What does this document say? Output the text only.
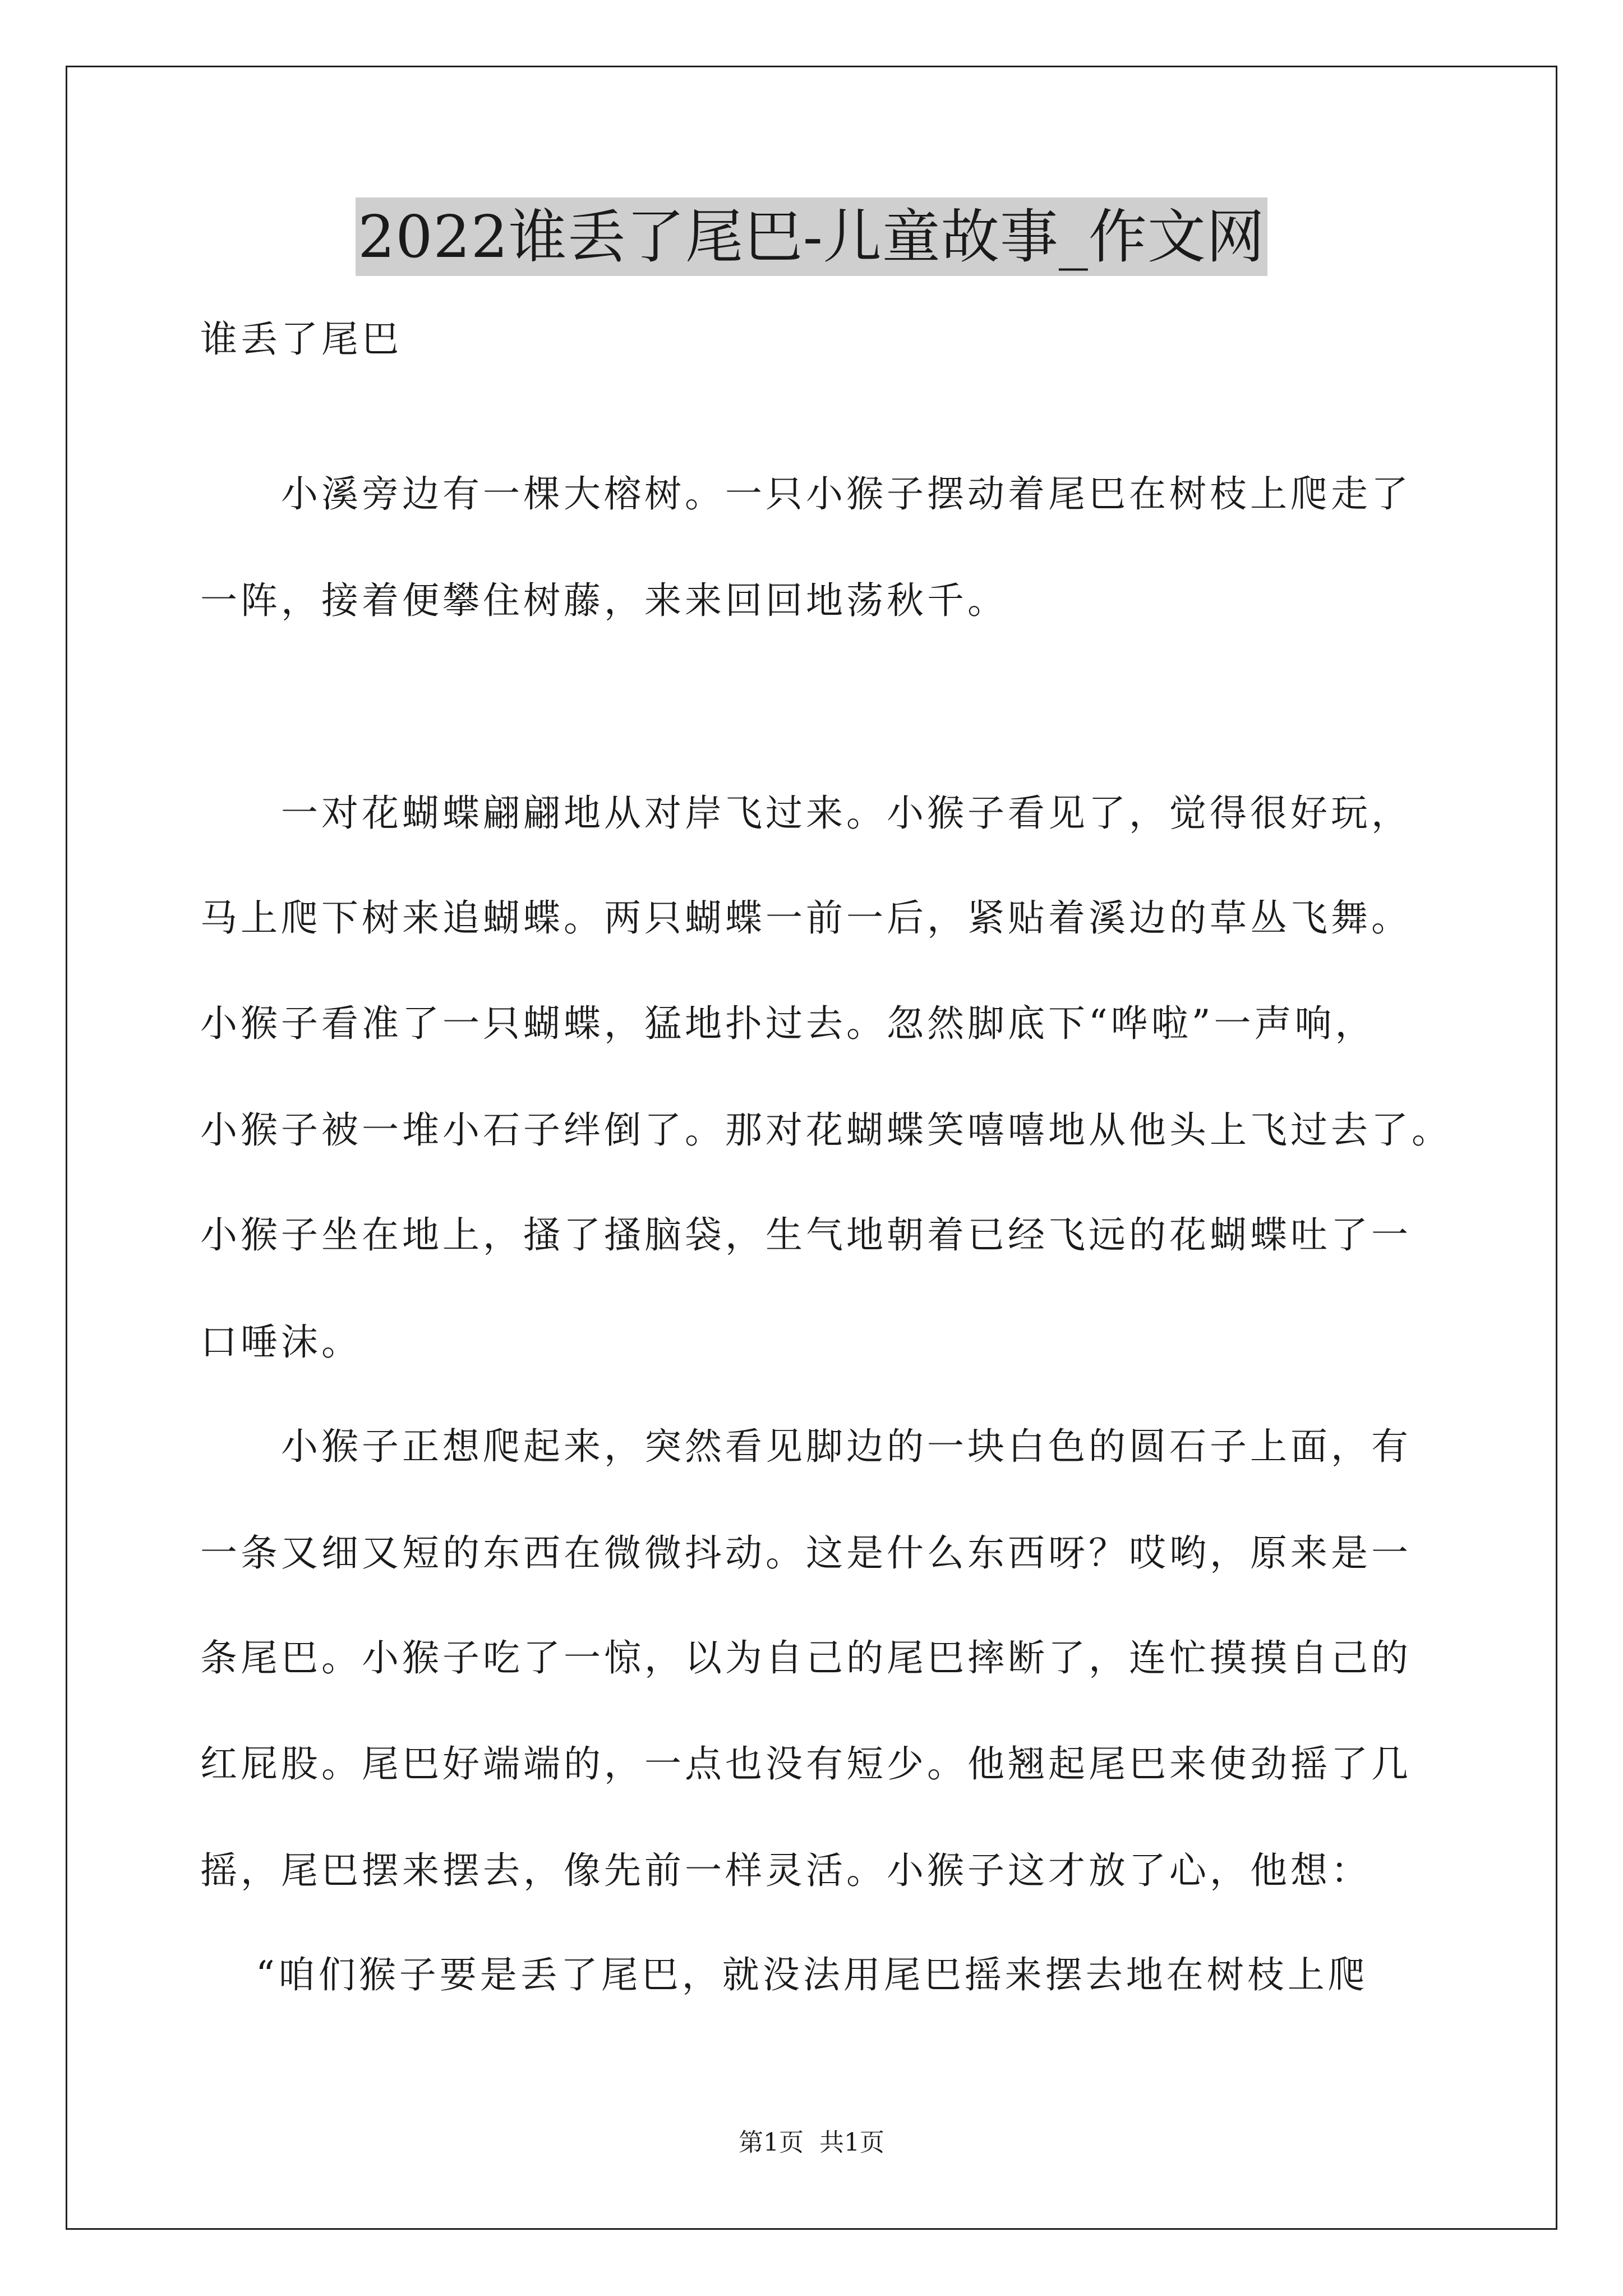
2022谁丢了尾巴-儿童故事_作文网
谁丢了尾巴
　　小溪旁边有一棵大榕树。一只小猴子摆动着尾巴在树枝上爬走了
一阵，接着便攀住树藤，来来回回地荡秋千。
　　一对花蝴蝶翩翩地从对岸飞过来。小猴子看见了，觉得很好玩，
马上爬下树来追蝴蝶。两只蝴蝶一前一后，紧贴着溪边的草丛飞舞。
小猴子看准了一只蝴蝶，猛地扑过去。忽然脚底下“哗啦”一声响，
小猴子被一堆小石子绊倒了。那对花蝴蝶笑嘻嘻地从他头上飞过去了。
小猴子坐在地上，搔了搔脑袋，生气地朝着已经飞远的花蝴蝶吐了一
口唾沫。
　　小猴子正想爬起来，突然看见脚边的一块白色的圆石子上面，有
一条又细又短的东西在微微抖动。这是什么东西呀？哎哟，原来是一
条尾巴。小猴子吃了一惊，以为自己的尾巴摔断了，连忙摸摸自己的
红屁股。尾巴好端端的，一点也没有短少。他翘起尾巴来使劲摇了几
摇，尾巴摆来摆去，像先前一样灵活。小猴子这才放了心，他想：
　 “咱们猴子要是丢了尾巴，就没法用尾巴摇来摆去地在树枝上爬
第1页  共1页
